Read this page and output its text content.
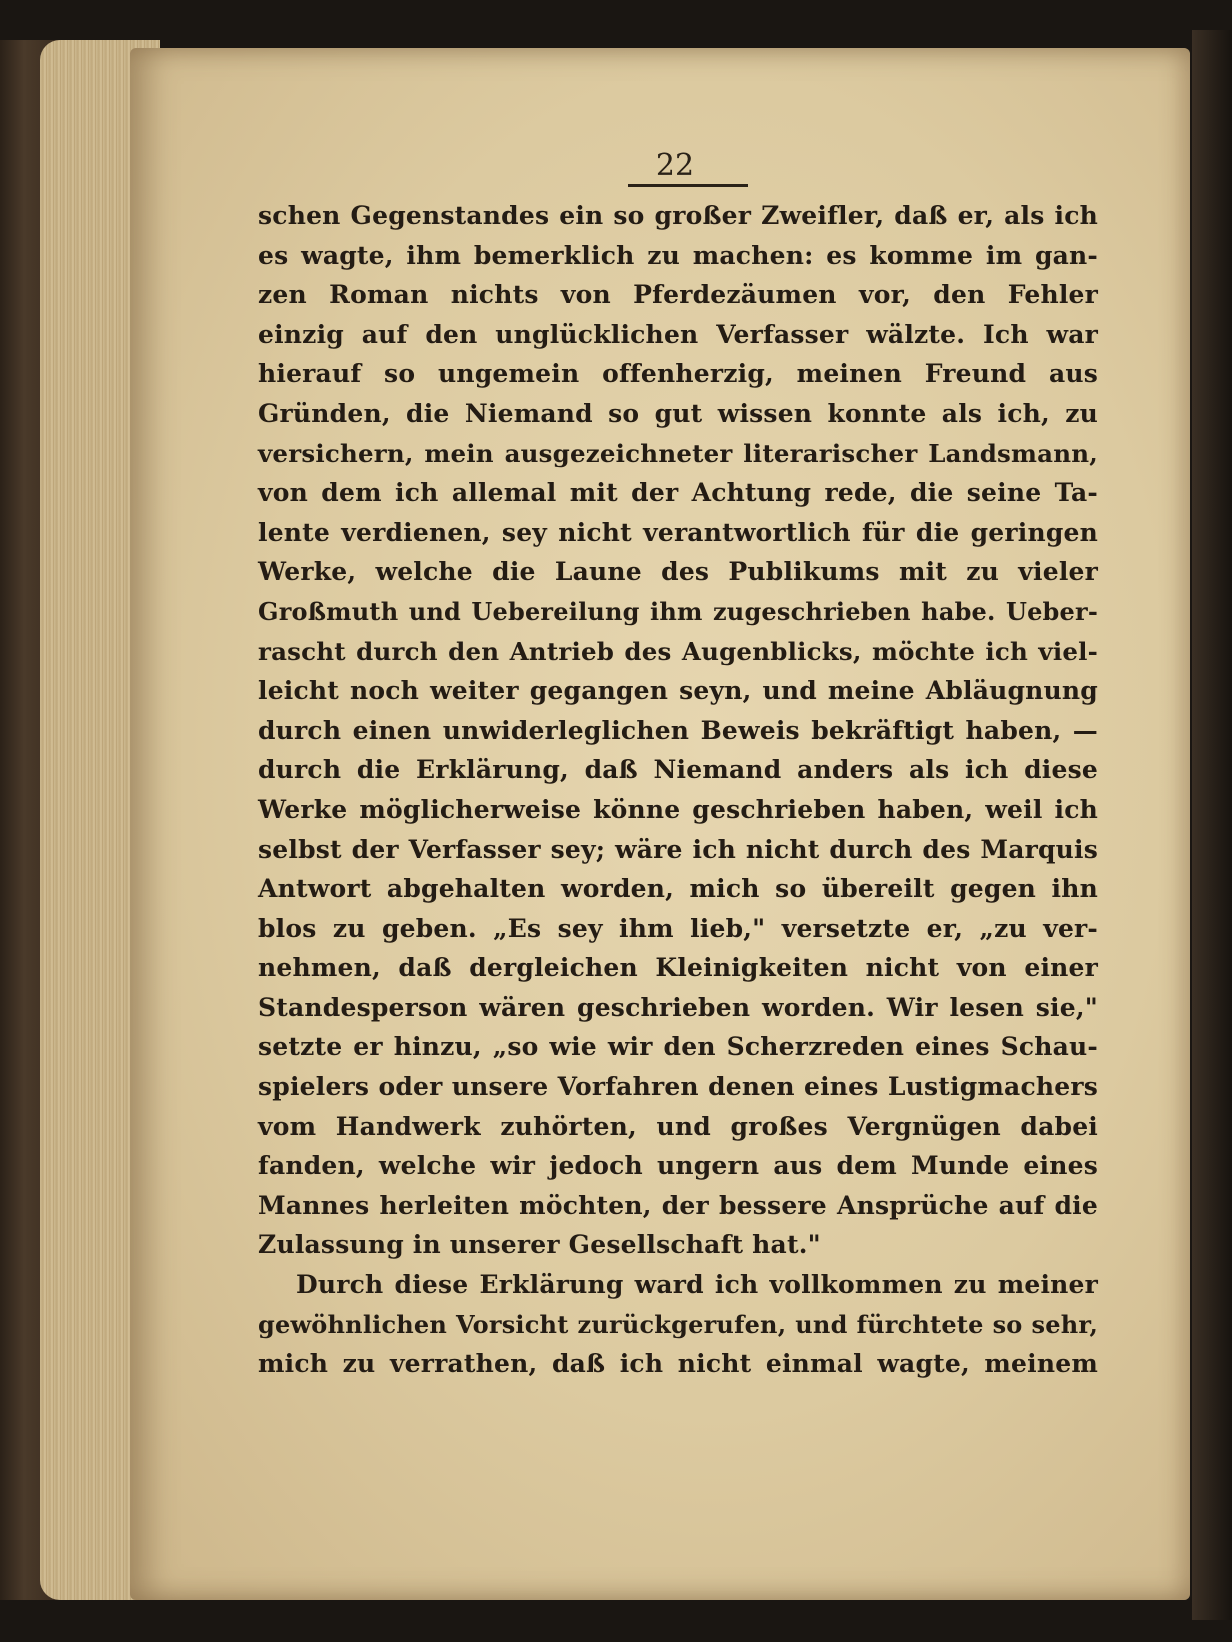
22
schen Gegenstandes ein so großer Zweifler, daß er, als ich
es wagte, ihm bemerklich zu machen: es komme im gan-
zen Roman nichts von Pferdezäumen vor, den Fehler
einzig auf den unglücklichen Verfasser wälzte. Ich war
hierauf so ungemein offenherzig, meinen Freund aus
Gründen, die Niemand so gut wissen konnte als ich, zu
versichern, mein ausgezeichneter literarischer Landsmann,
von dem ich allemal mit der Achtung rede, die seine Ta-
lente verdienen, sey nicht verantwortlich für die geringen
Werke, welche die Laune des Publikums mit zu vieler
Großmuth und Uebereilung ihm zugeschrieben habe. Ueber-
rascht durch den Antrieb des Augenblicks, möchte ich viel-
leicht noch weiter gegangen seyn, und meine Abläugnung
durch einen unwiderleglichen Beweis bekräftigt haben, —
durch die Erklärung, daß Niemand anders als ich diese
Werke möglicherweise könne geschrieben haben, weil ich
selbst der Verfasser sey; wäre ich nicht durch des Marquis
Antwort abgehalten worden, mich so übereilt gegen ihn
blos zu geben. „Es sey ihm lieb," versetzte er, „zu ver-
nehmen, daß dergleichen Kleinigkeiten nicht von einer
Standesperson wären geschrieben worden. Wir lesen sie,"
setzte er hinzu, „so wie wir den Scherzreden eines Schau-
spielers oder unsere Vorfahren denen eines Lustigmachers
vom Handwerk zuhörten, und großes Vergnügen dabei
fanden, welche wir jedoch ungern aus dem Munde eines
Mannes herleiten möchten, der bessere Ansprüche auf die
Zulassung in unserer Gesellschaft hat."
Durch diese Erklärung ward ich vollkommen zu meiner
gewöhnlichen Vorsicht zurückgerufen, und fürchtete so sehr,
mich zu verrathen, daß ich nicht einmal wagte, meinem
